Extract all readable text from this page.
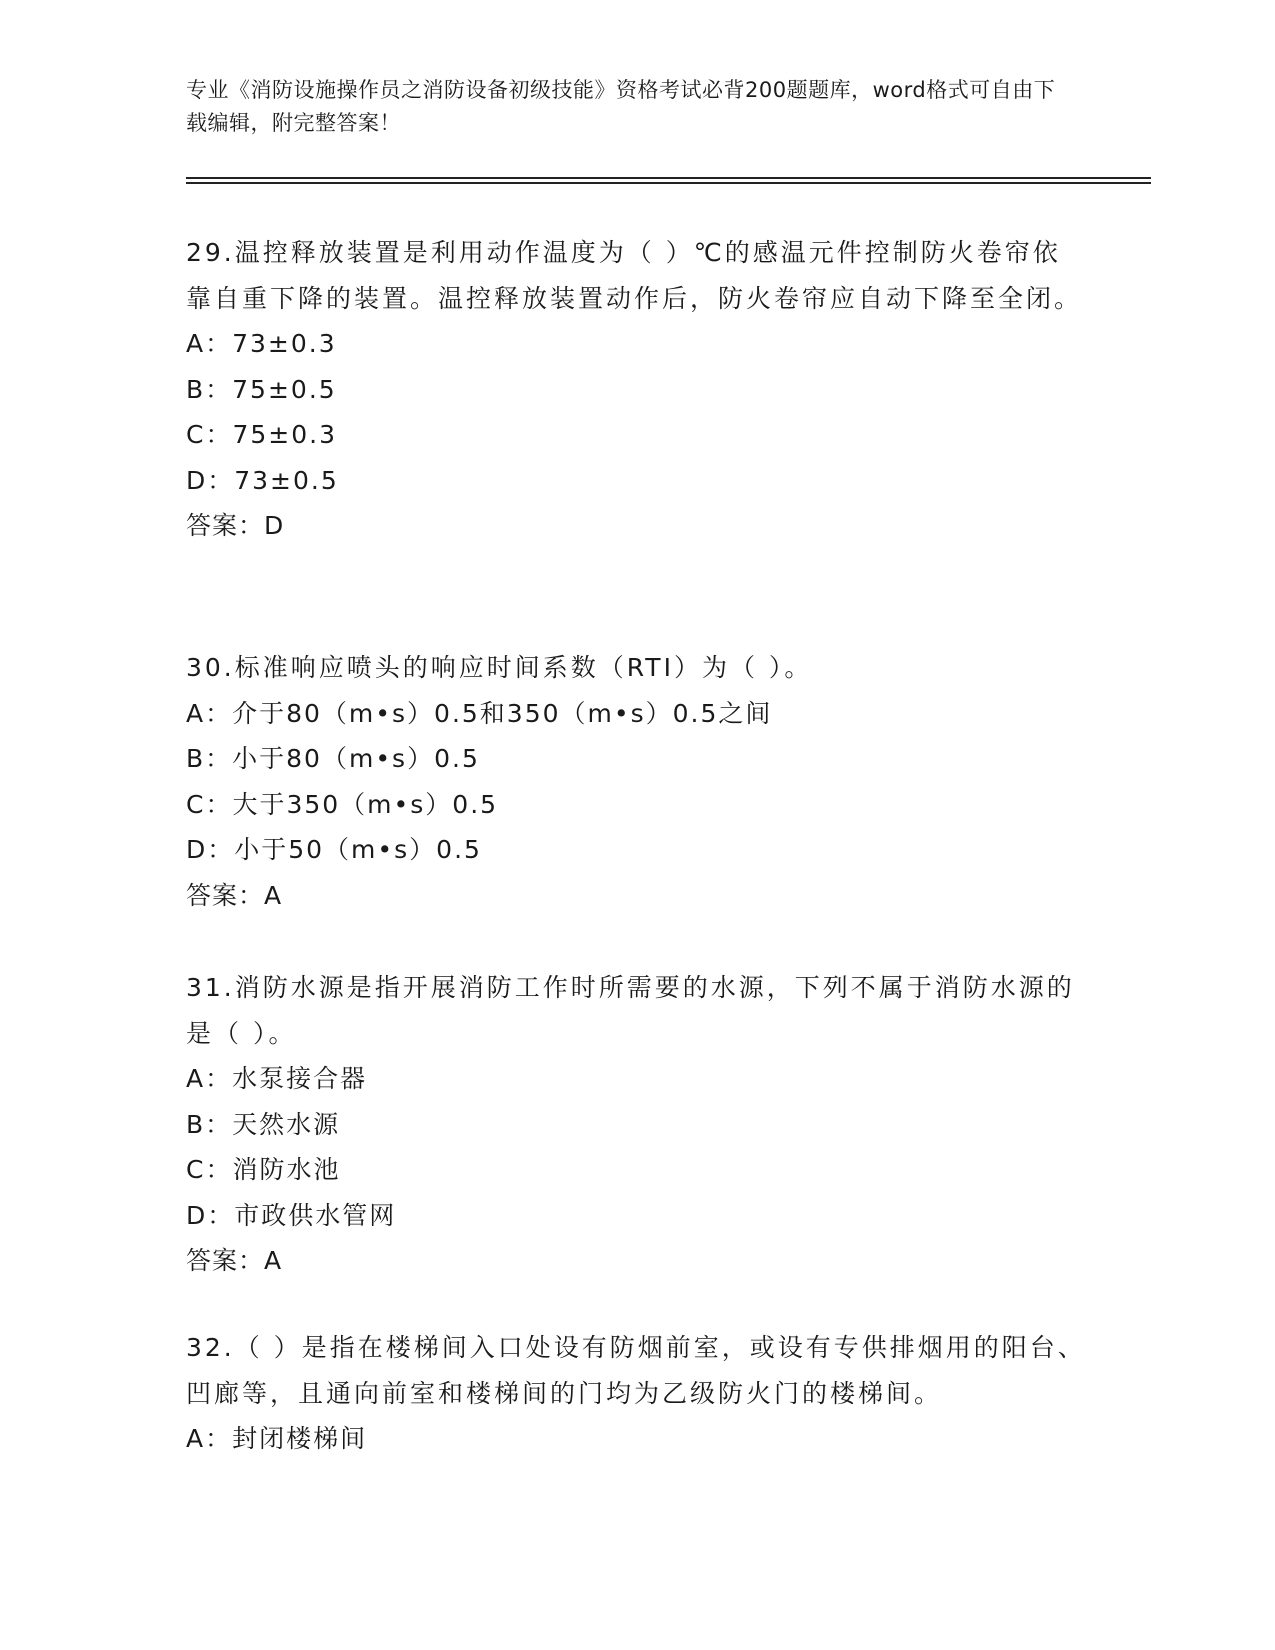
专业《消防设施操作员之消防设备初级技能》资格考试必背200题题库，word格式可自由下载编辑，附完整答案！
29.温控释放装置是利用动作温度为（ ）℃的感温元件控制防火卷帘依靠自重下降的装置。温控释放装置动作后，防火卷帘应自动下降至全闭。
A：73±0.3
B：75±0.5
C：75±0.3
D：73±0.5
答案：D
30.标准响应喷头的响应时间系数（RTI）为（ ）。
A：介于80（m•s）0.5和350（m•s）0.5之间
B：小于80（m•s）0.5
C：大于350（m•s）0.5
D：小于50（m•s）0.5
答案：A
31.消防水源是指开展消防工作时所需要的水源，下列不属于消防水源的是（ ）。
A：水泵接合器
B：天然水源
C：消防水池
D：市政供水管网
答案：A
32.（ ）是指在楼梯间入口处设有防烟前室，或设有专供排烟用的阳台、凹廊等，且通向前室和楼梯间的门均为乙级防火门的楼梯间。
A：封闭楼梯间
